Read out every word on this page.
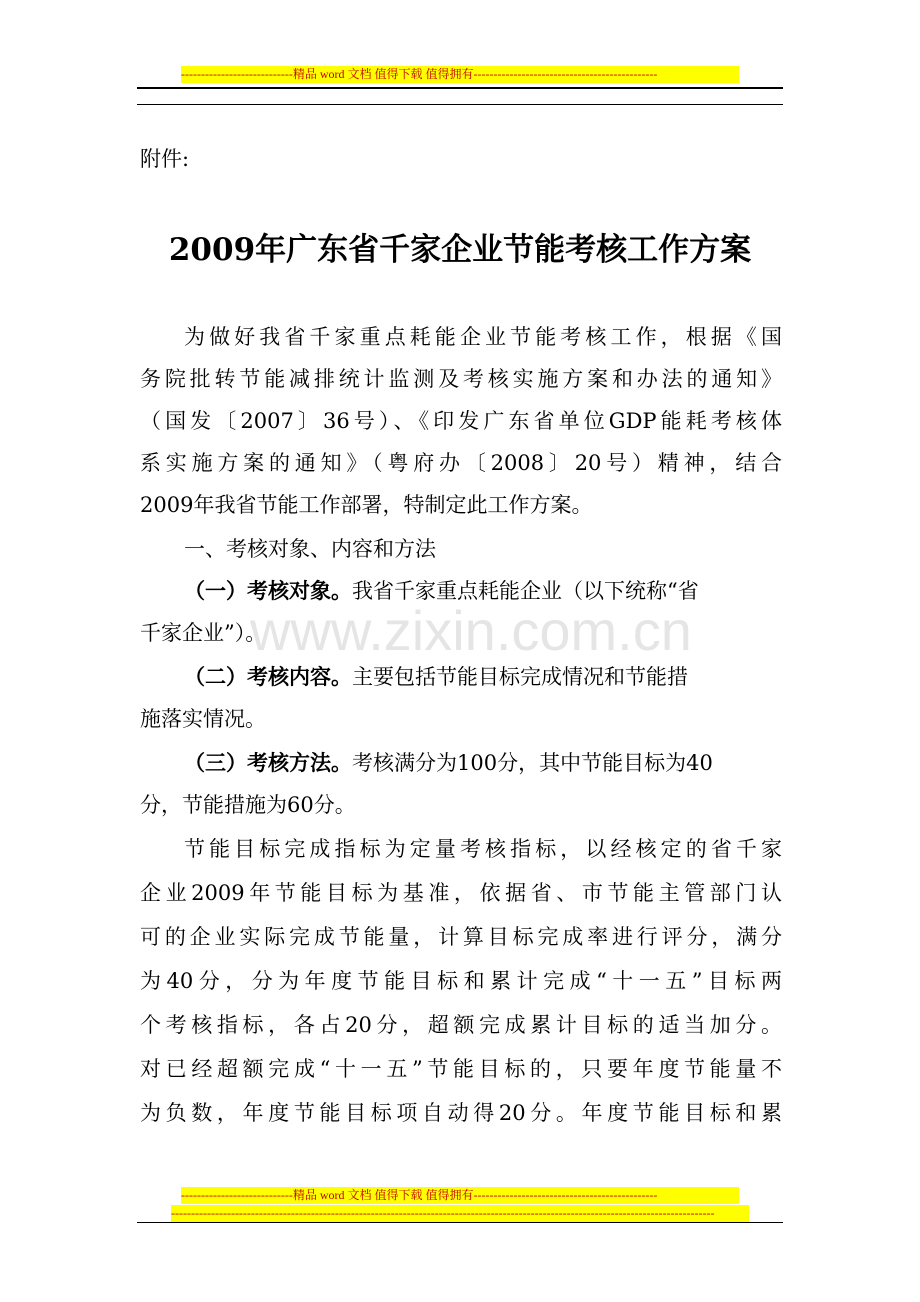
----------------------------精品 word 文档 值得下载 值得拥有----------------------------------------------
附件:
2009年广东省千家企业节能考核工作方案
为做好我省千家重点耗能企业节能考核工作，根据《国
务院批转节能减排统计监测及考核实施方案和办法的通知》
（国发〔2007〕36号）、《印发广东省单位GDP能耗考核体
系实施方案的通知》（粤府办〔2008〕20号）精神，结合
2009年我省节能工作部署，特制定此工作方案。
一、考核对象、内容和方法
（一）考核对象。我省千家重点耗能企业（以下统称“省
千家企业”）。
（二）考核内容。主要包括节能目标完成情况和节能措
施落实情况。
（三）考核方法。考核满分为100分，其中节能目标为40
分，节能措施为60分。
节能目标完成指标为定量考核指标，以经核定的省千家
企业2009年节能目标为基准，依据省、市节能主管部门认
可的企业实际完成节能量，计算目标完成率进行评分，满分
为40分，分为年度节能目标和累计完成“十一五”目标两
个考核指标，各占20分，超额完成累计目标的适当加分。
对已经超额完成“十一五”节能目标的，只要年度节能量不
为负数，年度节能目标项自动得20分。年度节能目标和累
www.zixin.com.cn
----------------------------精品 word 文档 值得下载 值得拥有----------------------------------------------
----------------------------------------------------------------------------------------------------------------------------------------
